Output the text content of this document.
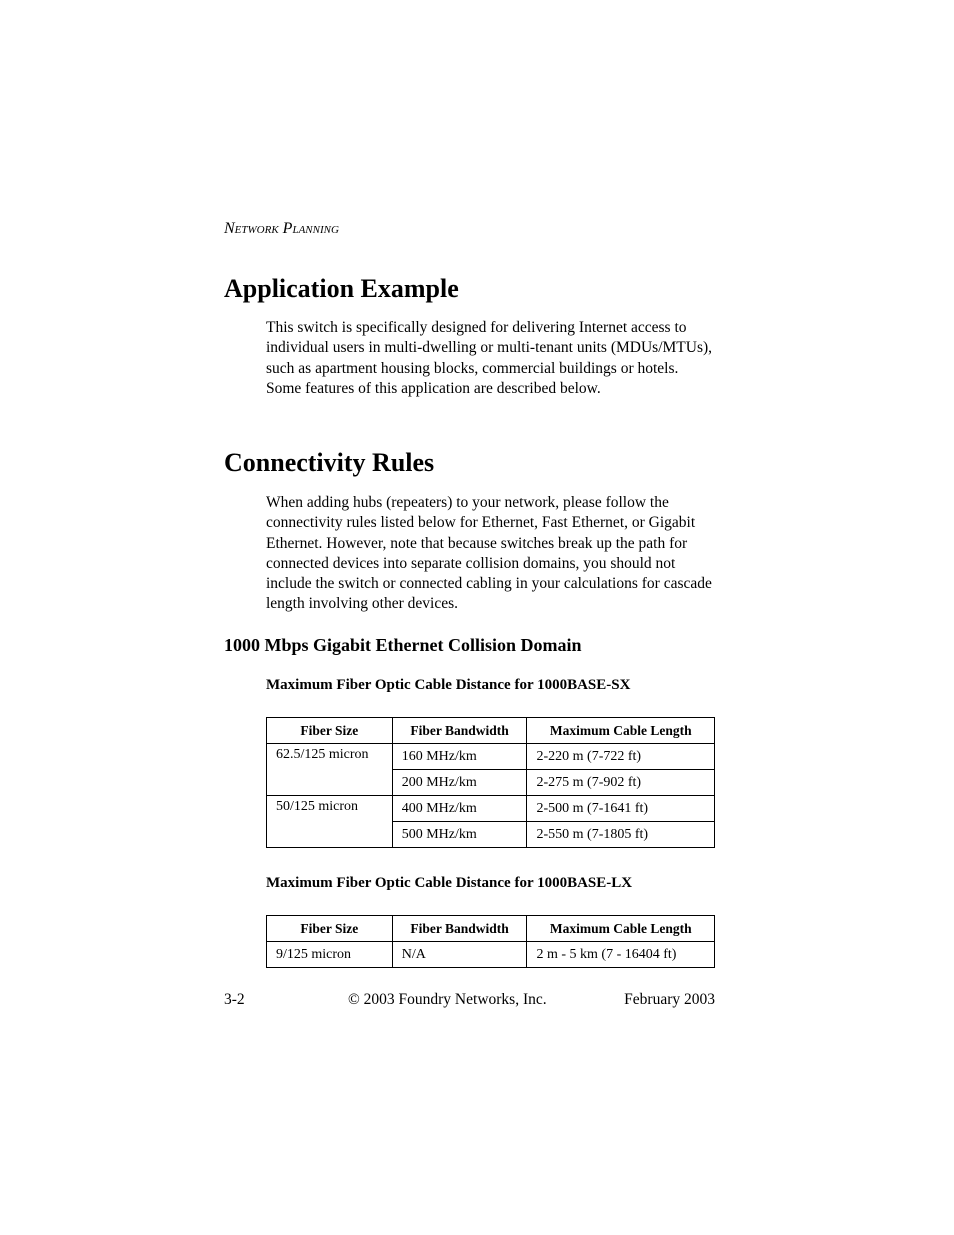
NETWORK PLANNING
Application Example

This switch is specifically designed for delivering Internet access to individual users in multi-dwelling or multi-tenant units (MDUs/MTUs), such as apartment housing blocks, commercial buildings or hotels. Some features of this application are described below.

Connectivity Rules

When adding hubs (repeaters) to your network, please follow the connectivity rules listed below for Ethernet, Fast Ethernet, or Gigabit Ethernet. However, note that because switches break up the path for connected devices into separate collision domains, you should not include the switch or connected cabling in your calculations for cascade length involving other devices.

1000 Mbps Gigabit Ethernet Collision Domain
Maximum Fiber Optic Cable Distance for 1000BASE-SX
Fiber Size	Fiber Bandwidth	Maximum Cable Length
62.5/125 micron	160 MHz/km	2-220 m (7-722 ft)
	200 MHz/km	2-275 m (7-902 ft)
50/125 micron	400 MHz/km	2-500 m (7-1641 ft)
	500 MHz/km	2-550 m (7-1805 ft)
Maximum Fiber Optic Cable Distance for 1000BASE-LX
Fiber Size	Fiber Bandwidth	Maximum Cable Length
9/125 micron	N/A	2 m - 5 km (7 - 16404 ft)
3-2	© 2003 Foundry Networks, Inc.	February 2003
